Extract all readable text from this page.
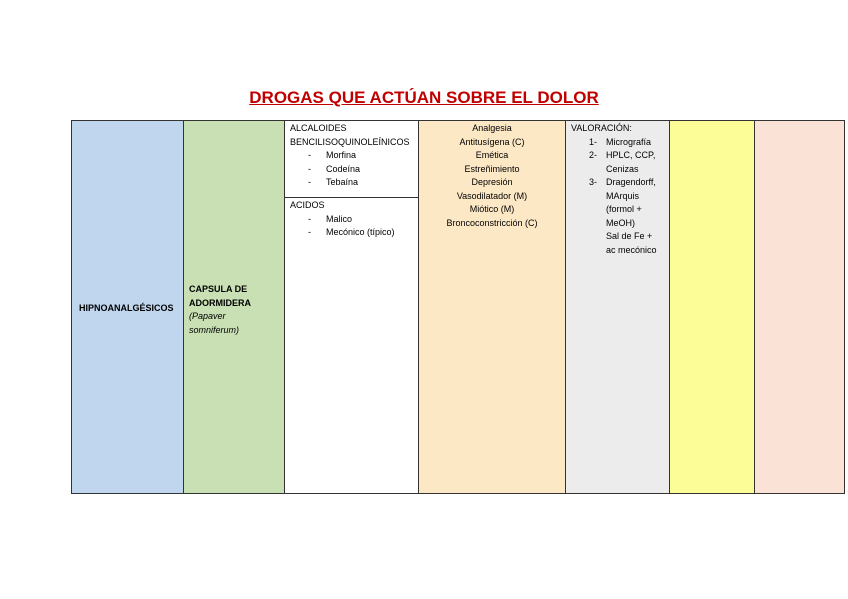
DROGAS QUE ACTÚAN SOBRE EL DOLOR
HIPNOANALGÉSICOS

CAPSULA DE
ADORMIDERA
(Papaver
somniferum)

ALCALOIDES
BENCILISOQUINOLEÍNICOS
- Morfina
- Codeína
- Tebaína
ACIDOS
- Malico
- Mecónico (típico)

Analgesia
Antitusígena (C)
Emética
Estreñimiento
Depresión
Vasodilatador (M)
Miótico (M)
Broncoconstricción (C)

VALORACIÓN:
1- Micrografía
2- HPLC, CCP,
Cenizas
3- Dragendorff,
MArquis
(formol +
MeOH)
Sal de Fe +
ac mecónico
